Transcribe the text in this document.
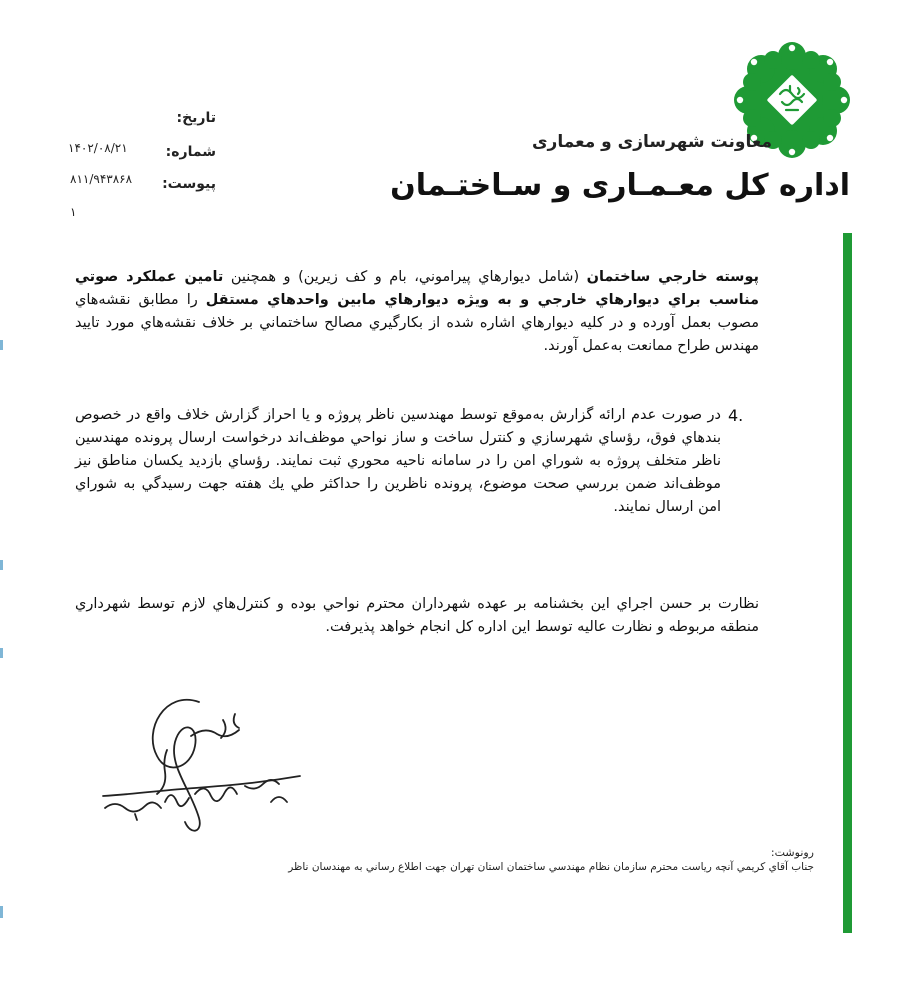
معاونت شهرسازی و معماری
اداره کل معـمـاری و سـاختـمان
تاریخ:
شماره:
۱۴۰۲/۰۸/۲۱
پیوست:
۸۱۱/۹۴۳۸۶۸
۱
پوسته خارجي ساختمان (شامل ديوارهاي پيراموني، بام و كف زيرين) و همچنين تامين عملكرد صوتي مناسب براي ديوارهاي خارجي و به ويژه ديوارهاي مابين واحدهاي مستقل را مطابق نقشه‌هاي مصوب بعمل آورده و در كليه ديوارهاي اشاره شده از بكارگيري مصالح ساختماني بر خلاف نقشه‌هاي مورد تاييد مهندس طراح ممانعت به‌عمل آورند.
4.
در صورت عدم ارائه گزارش به‌موقع توسط مهندسين ناظر پروژه و يا احراز گزارش خلاف واقع در خصوص بندهاي فوق، رؤساي شهرسازي و كنترل ساخت و ساز نواحي موظف‌اند درخواست ارسال پرونده مهندسين ناظر متخلف پروژه به شوراي امن را در سامانه ناحيه محوري ثبت نمايند. رؤساي بازديد يكسان مناطق نيز موظف‌اند ضمن بررسي صحت موضوع، پرونده ناظرين را حداكثر طي يك هفته جهت رسيدگي به شوراي امن ارسال نمايند.
نظارت بر حسن اجراي اين بخشنامه بر عهده شهرداران محترم نواحي بوده و كنترل‌هاي لازم توسط شهرداري منطقه مربوطه و نظارت عاليه توسط اين اداره كل انجام خواهد پذيرفت.
رونوشت:
جناب آقاي كريمي آنچه رياست محترم سازمان نظام مهندسي ساختمان استان تهران جهت اطلاع رساني به مهندسان ناظر
